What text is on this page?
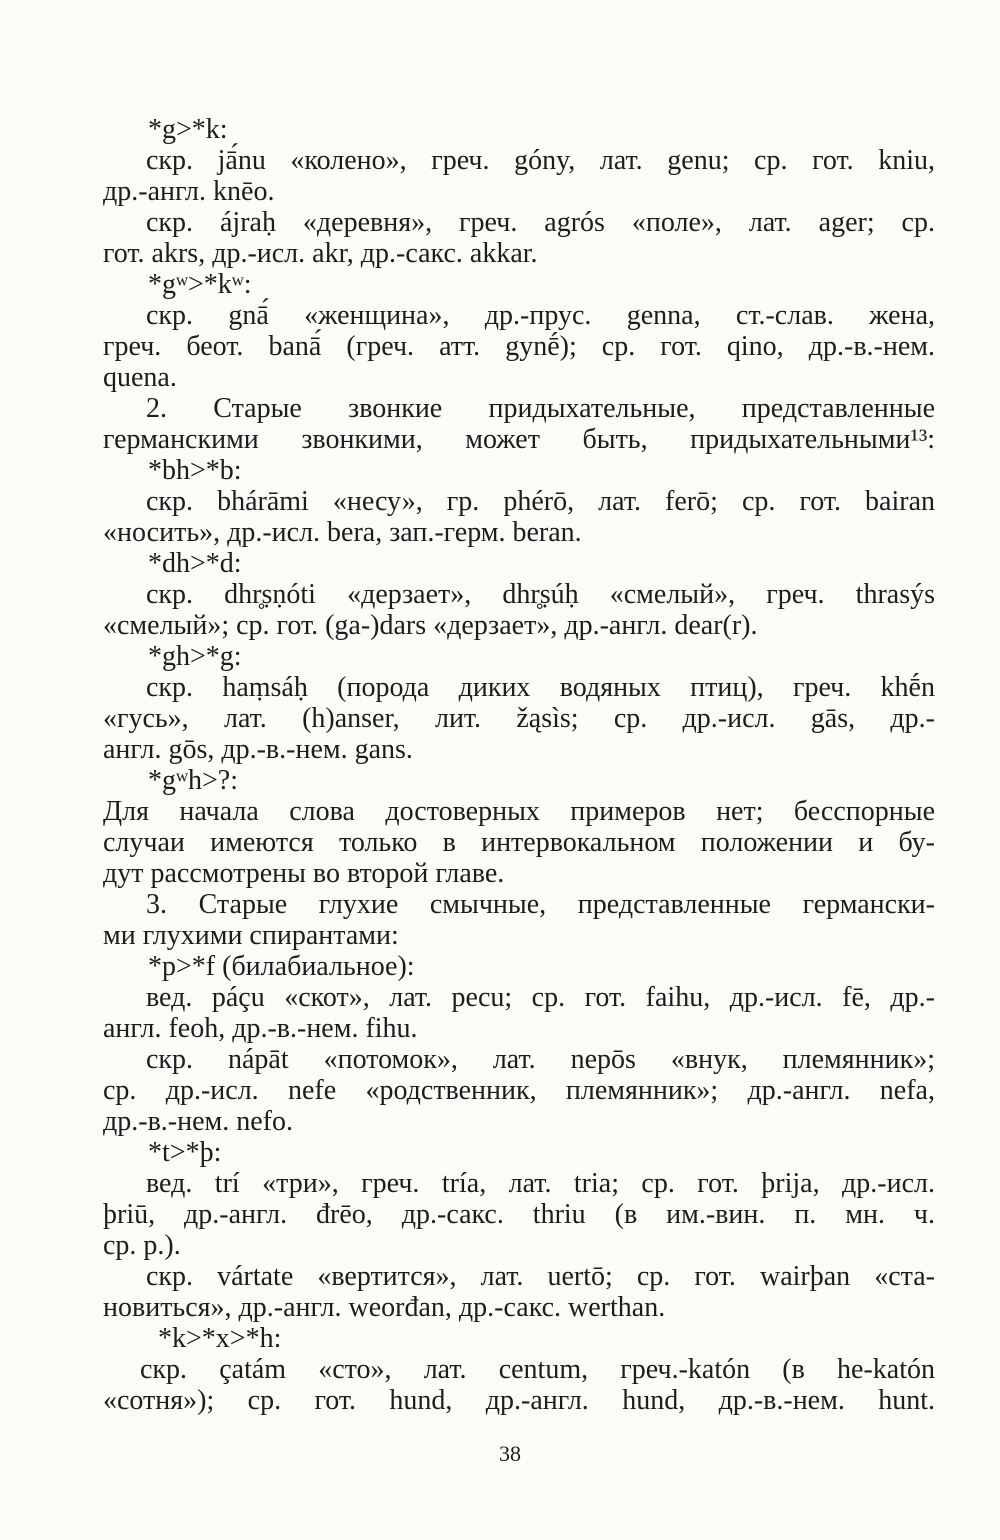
*g>*k:
скр. jā́nu «колено», греч. góny, лат. genu; ср. гот. kniu,
др.-англ. knēo.
скр. ájraḥ «деревня», греч. agrós «поле», лат. ager; ср.
гот. akrs, др.-исл. akr, др.-сакс. akkar.
*gʷ>*kʷ:
скр. gnā́ «женщина», др.-прус. genna, ст.-слав. жена,
греч. беот. banā́ (греч. атт. gynḗ); ср. гот. qino, др.-в.-нем.
quena.
2. Старые звонкие придыхательные, представленные
германскими звонкими, может быть, придыхательными¹³:
*bh>*b:
скр. bhárāmi «несу», гр. phérō, лат. ferō; ср. гот. bairan
«носить», др.-исл. bera, зап.-герм. beran.
*dh>*d:
скр. dhr̥ṣṇóti «дерзает», dhr̥ṣúḥ «смелый», греч. thrasýs
«смелый»; ср. гот. (ga-)dars «дерзает», др.-англ. dear(r).
*gh>*g:
скр. haṃsáḥ (порода диких водяных птиц), греч. khḗn
«гусь», лат. (h)anser, лит. žąsìs; ср. др.-исл. gās, др.-
англ. gōs, др.-в.-нем. gans.
*gʷh>?:
Для начала слова достоверных примеров нет; бесспорные
случаи имеются только в интервокальном положении и бу-
дут рассмотрены во второй главе.
3. Старые глухие смычные, представленные германски-
ми глухими спирантами:
*p>*f (билабиальное):
вед. páçu «скот», лат. pecu; ср. гот. faihu, др.-исл. fē, др.-
англ. feoh, др.-в.-нем. fihu.
скр. nápāt «потомок», лат. nepōs «внук, племянник»;
ср. др.-исл. nefe «родственник, племянник»; др.-англ. nefa,
др.-в.-нем. nefo.
*t>*þ:
вед. trí «три», греч. tría, лат. tria; ср. гот. þrija, др.-исл.
þriū, др.-англ. đrēo, др.-сакс. thriu (в им.-вин. п. мн. ч.
ср. р.).
скр. vártate «вертится», лат. uertō; ср. гот. wairþan «ста-
новиться», др.-англ. weorđan, др.-сакс. werthan.
*k>*x>*h:
скр. çatám «сто», лат. centum, греч.-katón (в he-katón
«сотня»); ср. гот. hund, др.-англ. hund, др.-в.-нем. hunt.
38
